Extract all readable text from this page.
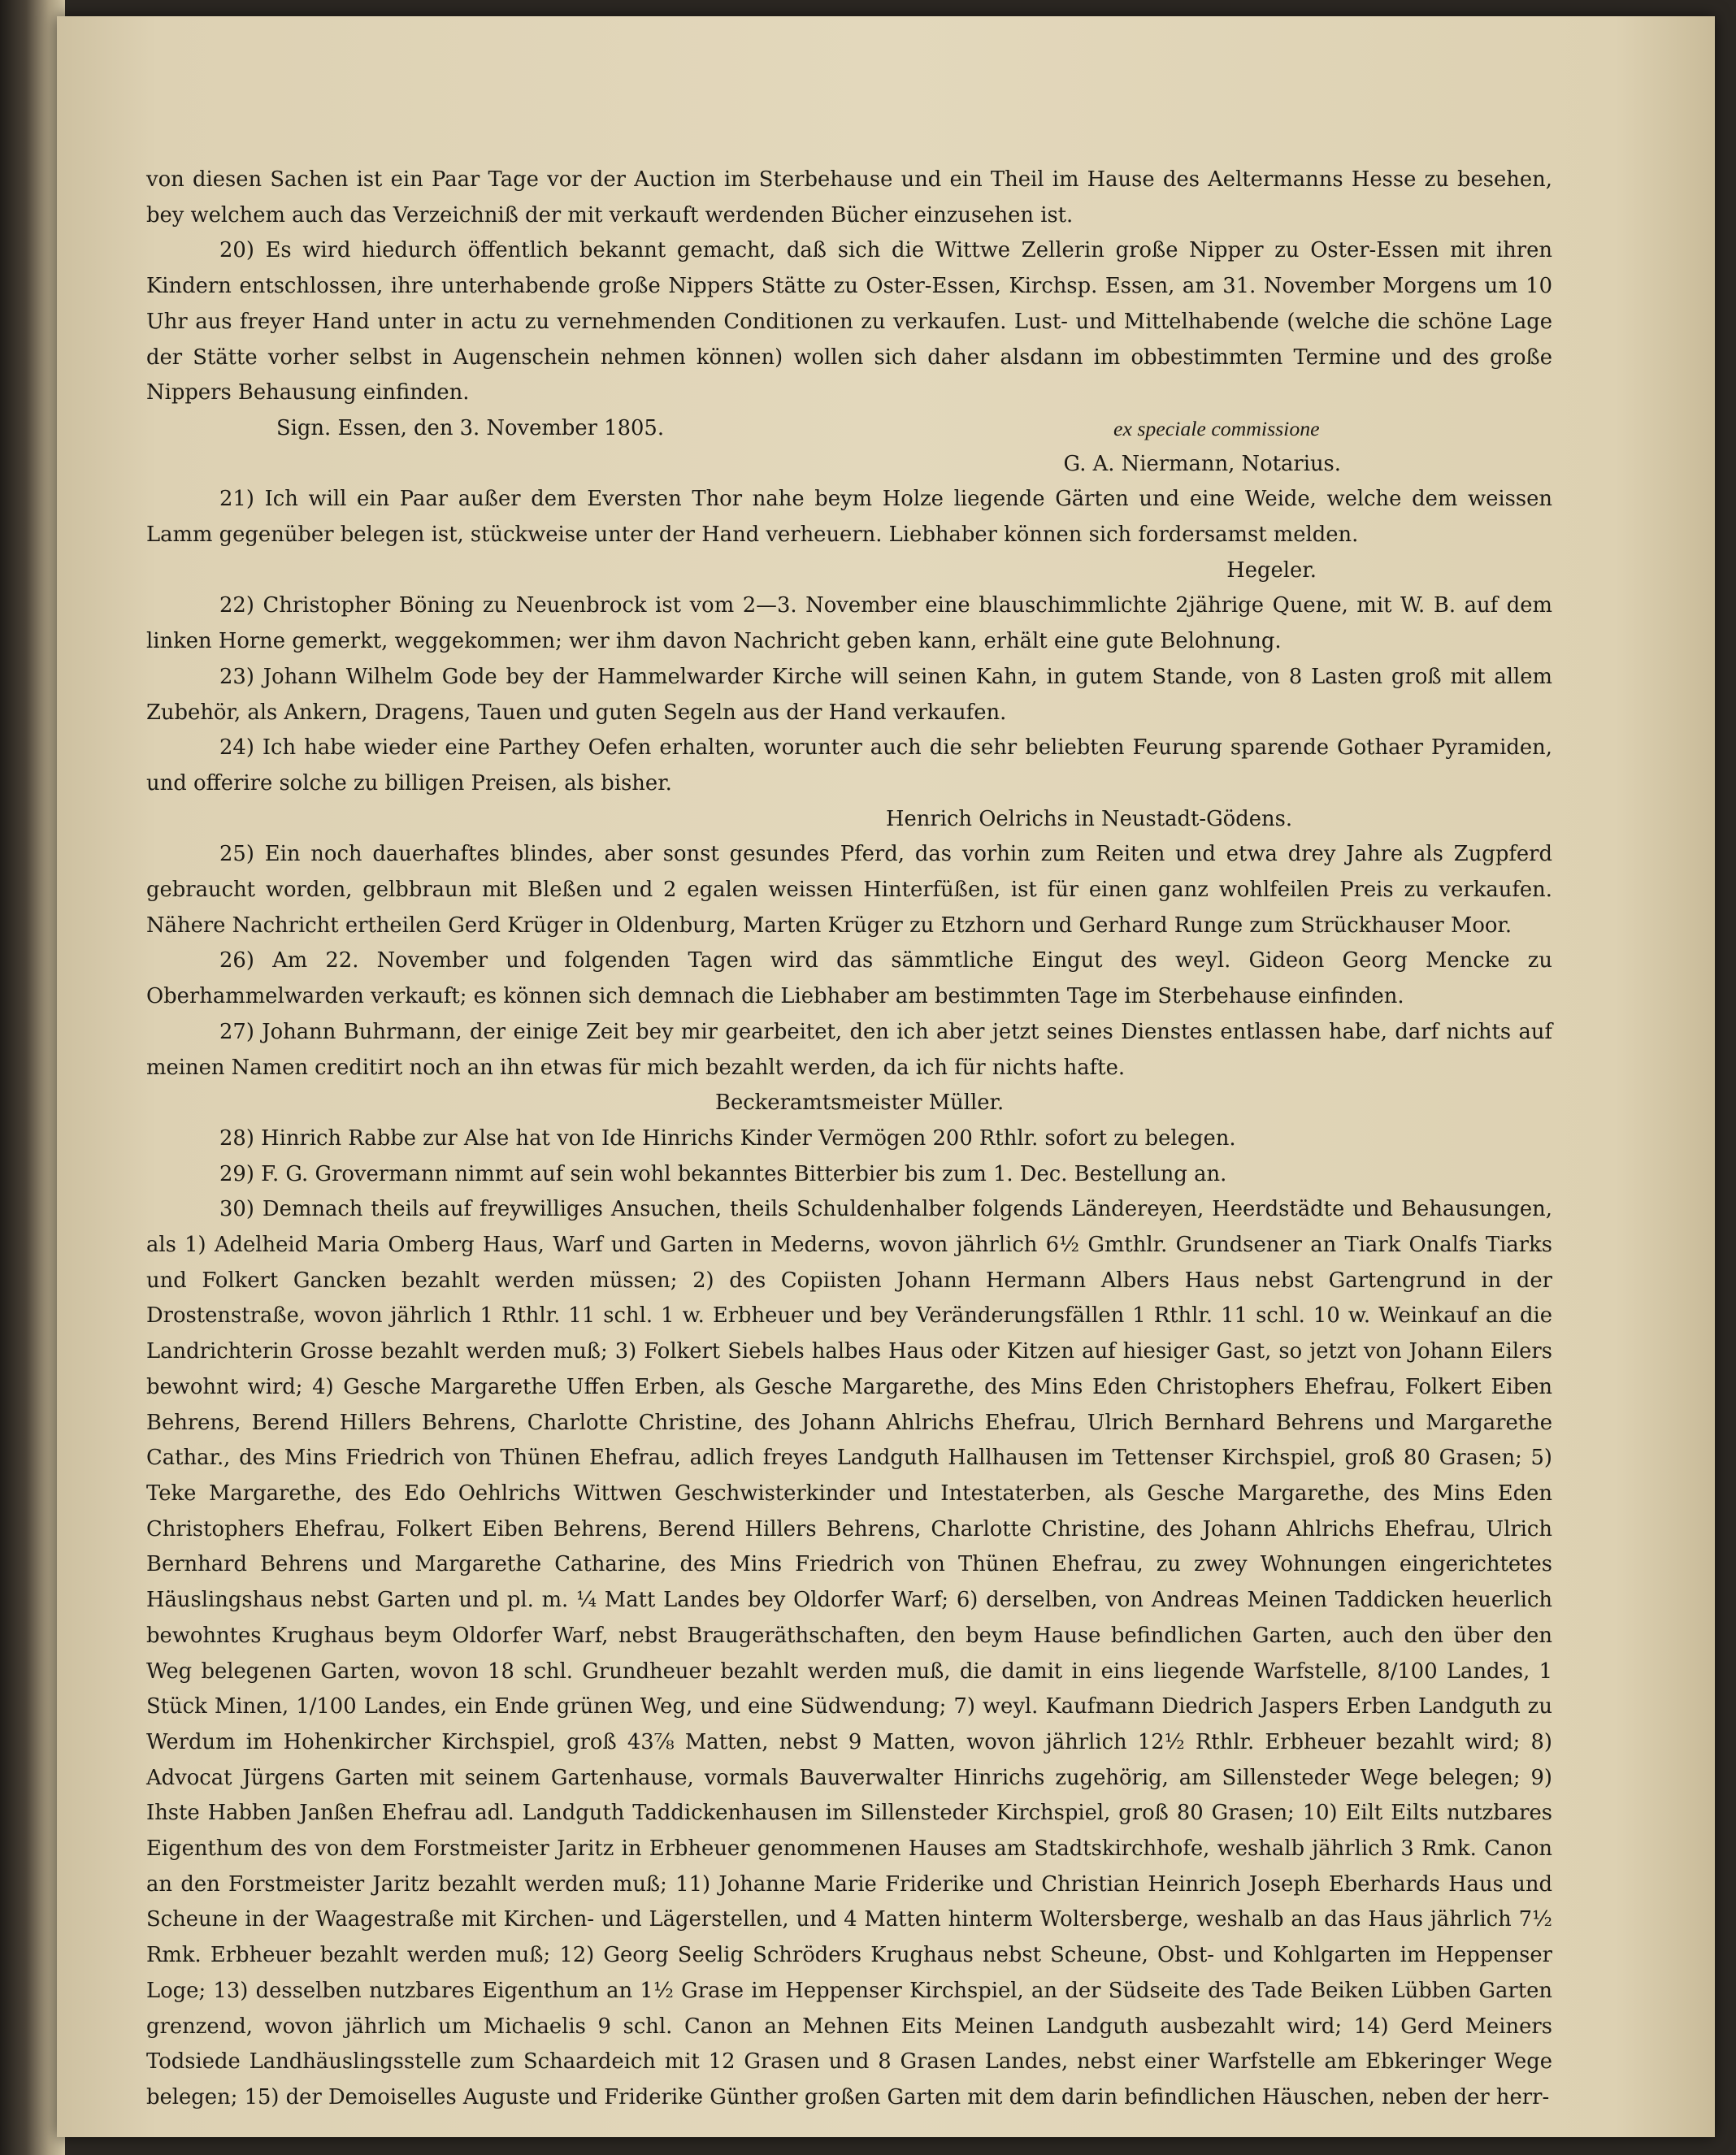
von diesen Sachen ist ein Paar Tage vor der Auction im Sterbehause und ein Theil im Hause des Aeltermanns Hesse zu besehen, bey welchem auch das Verzeichniß der mit verkauft werdenden Bücher einzusehen ist.

20) Es wird hiedurch öffentlich bekannt gemacht, daß sich die Wittwe Zellerin große Nipper zu Oster-Essen mit ihren Kindern entschlossen, ihre unterhabende große Nippers Stätte zu Oster-Essen, Kirchsp. Essen, am 31. November Morgens um 10 Uhr aus freyer Hand unter in actu zu vernehmenden Conditionen zu verkaufen. Lust- und Mittelhabende (welche die schöne Lage der Stätte vorher selbst in Augenschein nehmen können) wollen sich daher alsdann im obbestimmten Termine und des große Nippers Behausung einfinden.

Sign. Essen, den 3. November 1805.	ex speciale commissione

G. A. Niermann, Notarius.

21) Ich will ein Paar außer dem Eversten Thor nahe beym Holze liegende Gärten und eine Weide, welche dem weissen Lamm gegenüber belegen ist, stückweise unter der Hand verheuern. Liebhaber können sich fordersamst melden.

Hegeler.

22) Christopher Böning zu Neuenbrock ist vom 2—3. November eine blauschimmlichte 2jährige Quene, mit W. B. auf dem linken Horne gemerkt, weggekommen; wer ihm davon Nachricht geben kann, erhält eine gute Belohnung.

23) Johann Wilhelm Gode bey der Hammelwarder Kirche will seinen Kahn, in gutem Stande, von 8 Lasten groß mit allem Zubehör, als Ankern, Dragens, Tauen und guten Segeln aus der Hand verkaufen.

24) Ich habe wieder eine Parthey Oefen erhalten, worunter auch die sehr beliebten Feurung sparende Gothaer Pyramiden, und offerire solche zu billigen Preisen, als bisher.

Henrich Oelrichs in Neustadt-Gödens.

25) Ein noch dauerhaftes blindes, aber sonst gesundes Pferd, das vorhin zum Reiten und etwa drey Jahre als Zugpferd gebraucht worden, gelbbraun mit Bleßen und 2 egalen weissen Hinterfüßen, ist für einen ganz wohlfeilen Preis zu verkaufen. Nähere Nachricht ertheilen Gerd Krüger in Oldenburg, Marten Krüger zu Etzhorn und Gerhard Runge zum Strückhauser Moor.

26) Am 22. November und folgenden Tagen wird das sämmtliche Eingut des weyl. Gideon Georg Mencke zu Oberhammelwarden verkauft; es können sich demnach die Liebhaber am bestimmten Tage im Sterbehause einfinden.

27) Johann Buhrmann, der einige Zeit bey mir gearbeitet, den ich aber jetzt seines Dienstes entlassen habe, darf nichts auf meinen Namen creditirt noch an ihn etwas für mich bezahlt werden, da ich für nichts hafte.

Beckeramtsmeister Müller.

28) Hinrich Rabbe zur Alse hat von Ide Hinrichs Kinder Vermögen 200 Rthlr. sofort zu belegen.

29) F. G. Grovermann nimmt auf sein wohl bekanntes Bitterbier bis zum 1. Dec. Bestellung an.

30) Demnach theils auf freywilliges Ansuchen, theils Schuldenhalber folgends Ländereyen, Heerdstädte und Behausungen, als 1) Adelheid Maria Omberg Haus, Warf und Garten in Mederns, wovon jährlich 6½ Gmthlr. Grundsener an Tiark Onalfs Tiarks und Folkert Gancken bezahlt werden müssen; 2) des Copiisten Johann Hermann Albers Haus nebst Gartengrund in der Drostenstraße, wovon jährlich 1 Rthlr. 11 schl. 1 w. Erbheuer und bey Veränderungsfällen 1 Rthlr. 11 schl. 10 w. Weinkauf an die Landrichterin Grosse bezahlt werden muß; 3) Folkert Siebels halbes Haus oder Kitzen auf hiesiger Gast, so jetzt von Johann Eilers bewohnt wird; 4) Gesche Margarethe Uffen Erben, als Gesche Margarethe, des Mins Eden Christophers Ehefrau, Folkert Eiben Behrens, Berend Hillers Behrens, Charlotte Christine, des Johann Ahlrichs Ehefrau, Ulrich Bernhard Behrens und Margarethe Cathar., des Mins Friedrich von Thünen Ehefrau, adlich freyes Landguth Hallhausen im Tettenser Kirchspiel, groß 80 Grasen; 5) Teke Margarethe, des Edo Oehlrichs Wittwen Geschwisterkinder und Intestaterben, als Gesche Margarethe, des Mins Eden Christophers Ehefrau, Folkert Eiben Behrens, Berend Hillers Behrens, Charlotte Christine, des Johann Ahlrichs Ehefrau, Ulrich Bernhard Behrens und Margarethe Catharine, des Mins Friedrich von Thünen Ehefrau, zu zwey Wohnungen eingerichtetes Häuslingshaus nebst Garten und pl. m. ¼ Matt Landes bey Oldorfer Warf; 6) derselben, von Andreas Meinen Taddicken heuerlich bewohntes Krughaus beym Oldorfer Warf, nebst Braugeräthschaften, den beym Hause befindlichen Garten, auch den über den Weg belegenen Garten, wovon 18 schl. Grundheuer bezahlt werden muß, die damit in eins liegende Warfstelle, 8/100 Landes, 1 Stück Minen, 1/100 Landes, ein Ende grünen Weg, und eine Südwendung; 7) weyl. Kaufmann Diedrich Jaspers Erben Landguth zu Werdum im Hohenkircher Kirchspiel, groß 43⅞ Matten, nebst 9 Matten, wovon jährlich 12½ Rthlr. Erbheuer bezahlt wird; 8) Advocat Jürgens Garten mit seinem Gartenhause, vormals Bauverwalter Hinrichs zugehörig, am Sillensteder Wege belegen; 9) Ihste Habben Janßen Ehefrau adl. Landguth Taddickenhausen im Sillensteder Kirchspiel, groß 80 Grasen; 10) Eilt Eilts nutzbares Eigenthum des von dem Forstmeister Jaritz in Erbheuer genommenen Hauses am Stadtskirchhofe, weshalb jährlich 3 Rmk. Canon an den Forstmeister Jaritz bezahlt werden muß; 11) Johanne Marie Friderike und Christian Heinrich Joseph Eberhards Haus und Scheune in der Waagestraße mit Kirchen- und Lägerstellen, und 4 Matten hinterm Woltersberge, weshalb an das Haus jährlich 7½ Rmk. Erbheuer bezahlt werden muß; 12) Georg Seelig Schröders Krughaus nebst Scheune, Obst- und Kohlgarten im Heppenser Loge; 13) desselben nutzbares Eigenthum an 1½ Grase im Heppenser Kirchspiel, an der Südseite des Tade Beiken Lübben Garten grenzend, wovon jährlich um Michaelis 9 schl. Canon an Mehnen Eits Meinen Landguth ausbezahlt wird; 14) Gerd Meiners Todsiede Landhäuslingsstelle zum Schaardeich mit 12 Grasen und 8 Grasen Landes, nebst einer Warfstelle am Ebkeringer Wege belegen; 15) der Demoiselles Auguste und Friderike Günther großen Garten mit dem darin befindlichen Häuschen, neben der herr-
